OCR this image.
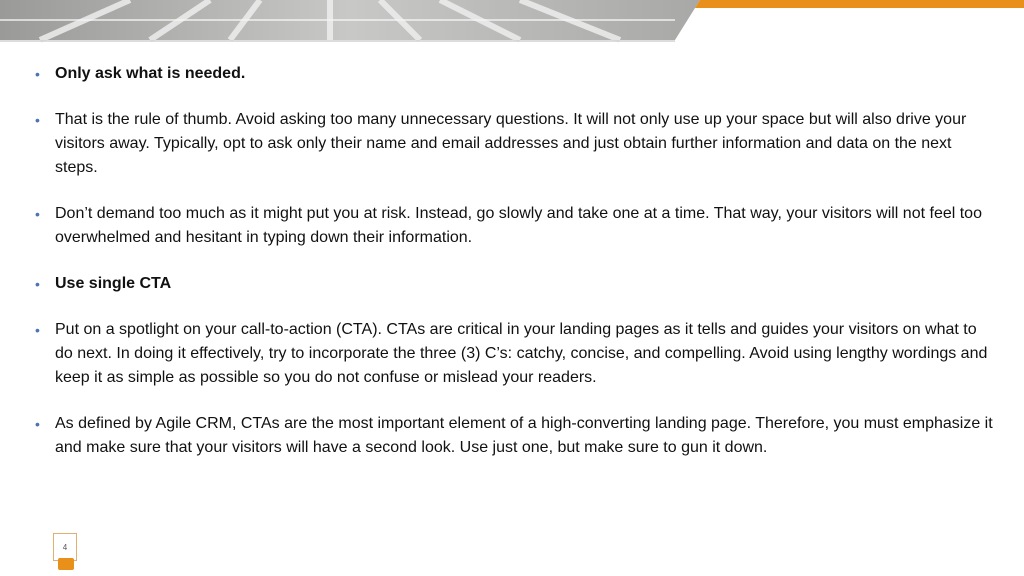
• Only ask what is needed.
• That is the rule of thumb. Avoid asking too many unnecessary questions. It will not only use up your space but will also drive your visitors away. Typically, opt to ask only their name and email addresses and just obtain further information and data on the next steps.
• Don’t demand too much as it might put you at risk. Instead, go slowly and take one at a time. That way, your visitors will not feel too overwhelmed and hesitant in typing down their information.
• Use single CTA
• Put on a spotlight on your call-to-action (CTA). CTAs are critical in your landing pages as it tells and guides your visitors on what to do next. In doing it effectively, try to incorporate the three (3) C’s: catchy, concise, and compelling. Avoid using lengthy wordings and keep it as simple as possible so you do not confuse or mislead your readers.
• As defined by Agile CRM, CTAs are the most important element of a high-converting landing page. Therefore, you must emphasize it and make sure that your visitors will have a second look. Use just one, but make sure to gun it down.
4
